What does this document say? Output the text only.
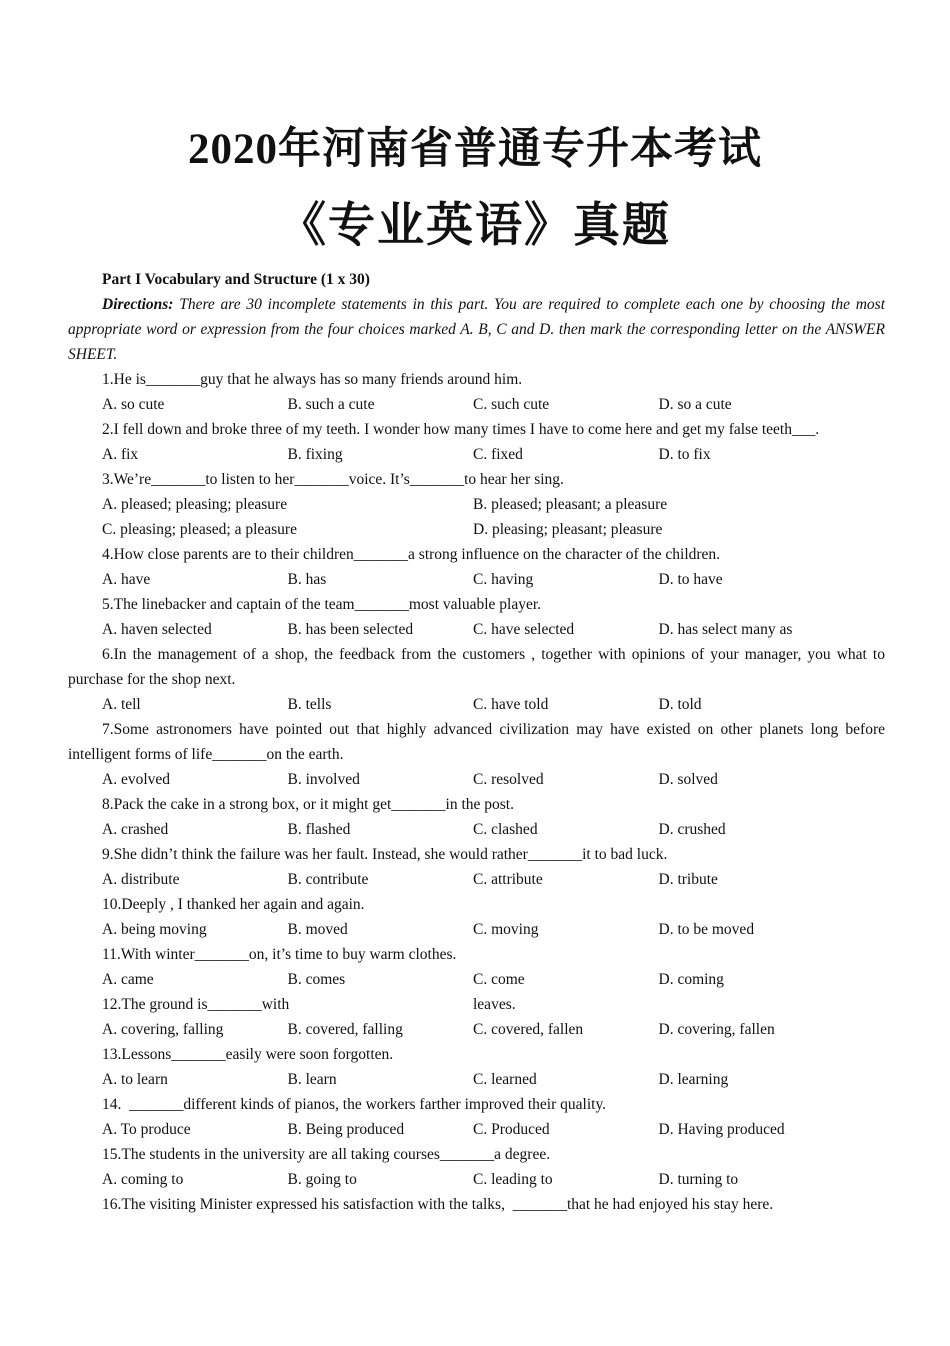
2020年河南省普通专升本考试
《专业英语》真题

Part I Vocabulary and Structure (1 x 30)

Directions: There are 30 incomplete statements in this part. You are required to complete each one by choosing the most appropriate word or expression from the four choices marked A. B, C and D. then mark the corresponding letter on the ANSWER SHEET.

1.He is_______guy that he always has so many friends around him.

A. so cute	B. such a cute	C. such cute	D. so a cute

2.I fell down and broke three of my teeth. I wonder how many times I have to come here and get my false teeth___.

A. fix	B. fixing	C. fixed	D. to fix

3.We’re_______to listen to her_______voice. It’s_______to hear her sing.

A. pleased; pleasing; pleasure	B. pleased; pleasant; a pleasure
C. pleasing; pleased; a pleasure	D. pleasing; pleasant; pleasure

4.How close parents are to their children_______a strong influence on the character of the children.

A. have	B. has	C. having	D. to have

5.The linebacker and captain of the team_______most valuable player.

A. haven selected	B. has been selected	C. have selected	D. has select many as

6.In the management of a shop, the feedback from the customers , together with opinions of your manager, you what to purchase for the shop next.

A. tell	B. tells	C. have told	D. told

7.Some astronomers have pointed out that highly advanced civilization may have existed on other planets long before intelligent forms of life_______on the earth.

A. evolved	B. involved	C. resolved	D. solved

8.Pack the cake in a strong box, or it might get_______in the post.

A. crashed	B. flashed	C. clashed	D. crushed

9.She didn’t think the failure was her fault. Instead, she would rather_______it to bad luck.

A. distribute	B. contribute	C. attribute	D. tribute

10.Deeply , I thanked her again and again.

A. being moving	B. moved	C. moving	D. to be moved

11.With winter_______on, it’s time to buy warm clothes.

A. came	B. comes	C. come	D. coming
12.The ground is_______with	leaves.
A. covering, falling	B. covered, falling	C. covered, fallen	D. covering, fallen

13.Lessons_______easily were soon forgotten.

A. to learn	B. learn	C. learned	D. learning

14.  _______different kinds of pianos, the workers farther improved their quality.

A. To produce	B. Being produced	C. Produced	D. Having produced

15.The students in the university are all taking courses_______a degree.

A. coming to	B. going to	C. leading to	D. turning to

16.The visiting Minister expressed his satisfaction with the talks,  _______that he had enjoyed his stay here.
